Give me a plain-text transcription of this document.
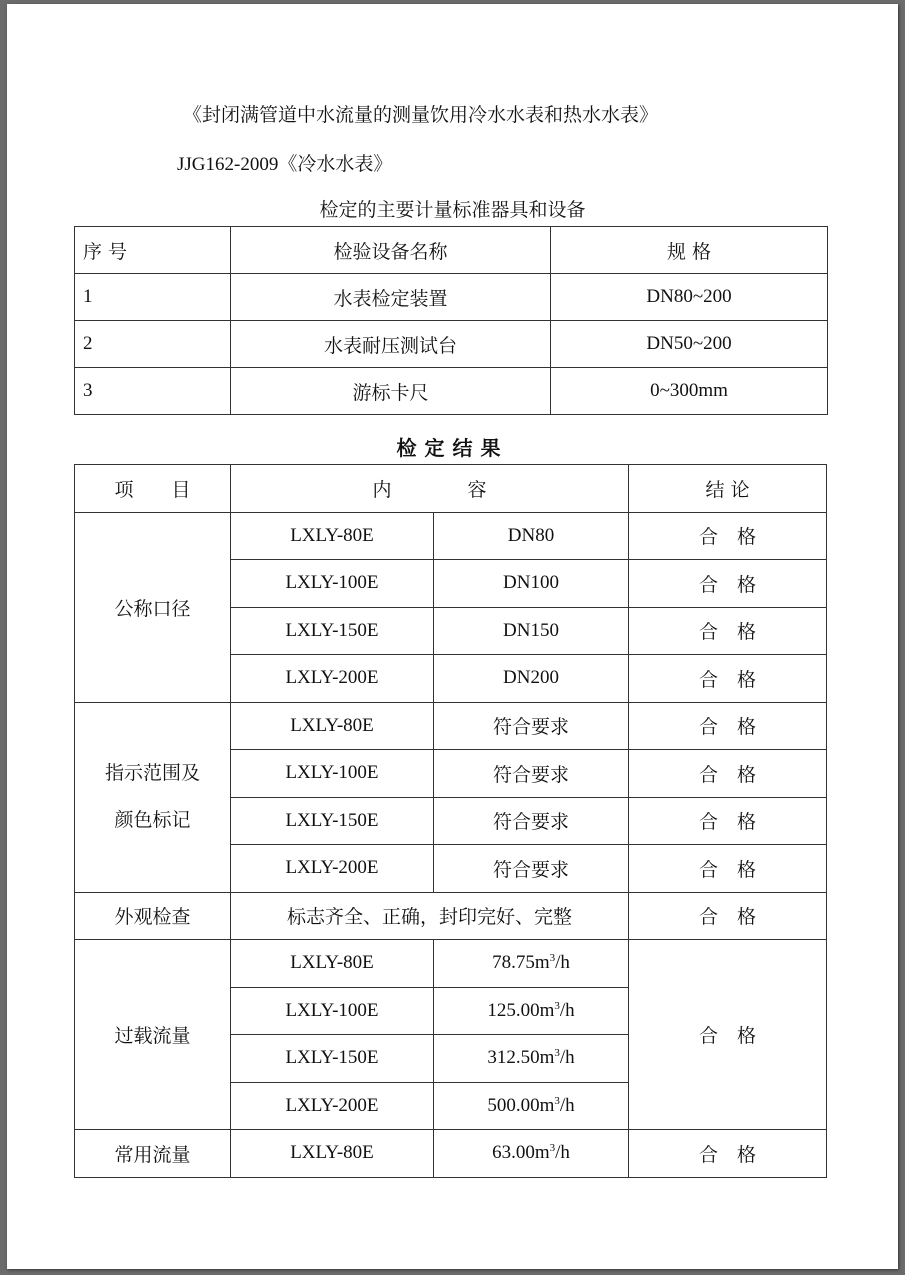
《封闭满管道中水流量的测量饮用冷水水表和热水水表》
JJG162-2009《冷水水表》
检定的主要计量标准器具和设备
序 号	检验设备名称	规 格
1	水表检定装置	DN80~200
2	水表耐压测试台	DN50~200
3	游标卡尺	0~300mm
检定结果
项　　目	内　　　　容		结 论
公称口径	LXLY-80E	DN80	合　格
	LXLY-100E	DN100	合　格
	LXLY-150E	DN150	合　格
	LXLY-200E	DN200	合　格

指示范围及
颜色标记	LXLY-80E	符合要求	合　格
	LXLY-100E	符合要求	合　格
	LXLY-150E	符合要求	合　格
	LXLY-200E	符合要求	合　格
外观检查	标志齐全、正确，封印完好、完整		合　格
过载流量	LXLY-80E	$78.75m^3/h$	合　格
	LXLY-100E	$125.00m^3/h$	
	LXLY-150E	$312.50m^3/h$	
	LXLY-200E	$500.00m^3/h$	
常用流量	LXLY-80E	$63.00m^3/h$	合　格
